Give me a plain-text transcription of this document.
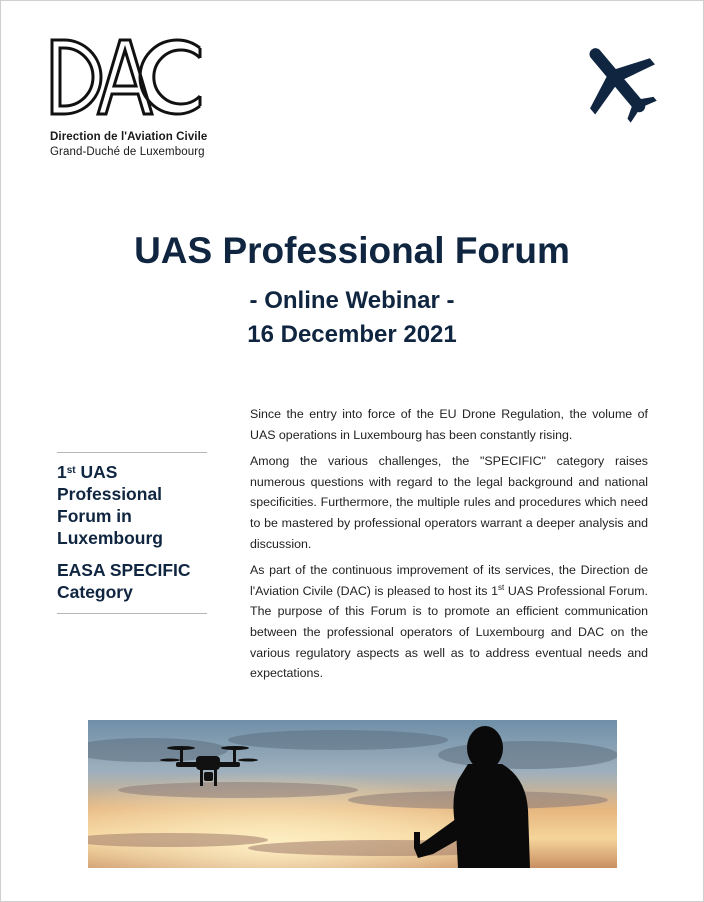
Direction de l'Aviation Civile
Grand-Duché de Luxembourg
UAS Professional Forum
- Online Webinar -
16 December 2021

1st UAS Professional Forum in Luxembourg

EASA SPECIFIC Category

Since the entry into force of the EU Drone Regulation, the volume of UAS operations in Luxembourg has been constantly rising.

Among the various challenges, the "SPECIFIC" category raises numerous questions with regard to the legal background and national specificities. Furthermore, the multiple rules and procedures which need to be mastered by professional operators warrant a deeper analysis and discussion.

As part of the continuous improvement of its services, the Direction de l'Aviation Civile (DAC) is pleased to host its 1st UAS Professional Forum. The purpose of this Forum is to promote an efficient communication between the professional operators of Luxembourg and DAC on the various regulatory aspects as well as to address eventual needs and expectations.
